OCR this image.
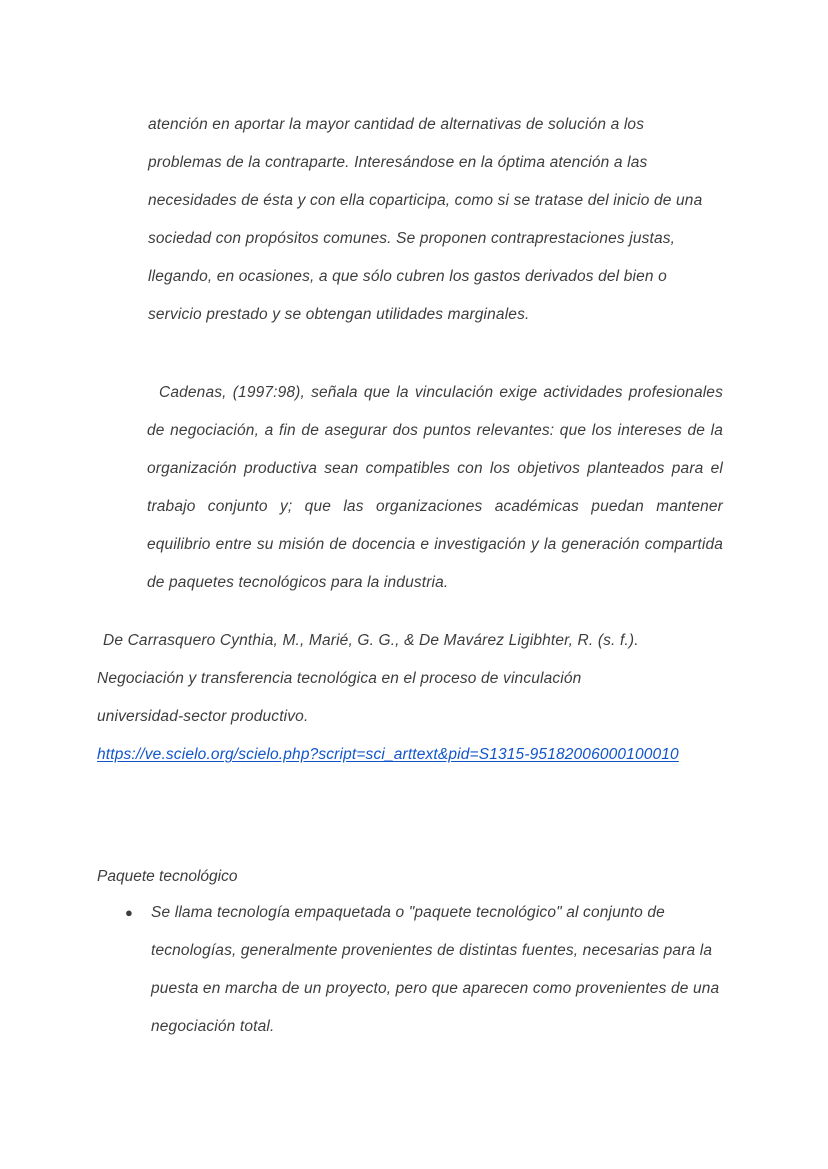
atención en aportar la mayor cantidad de alternativas de solución a los problemas de la contraparte. Interesándose en la óptima atención a las necesidades de ésta y con ella coparticipa, como si se tratase del inicio de una sociedad con propósitos comunes. Se proponen contraprestaciones justas, llegando, en ocasiones, a que sólo cubren los gastos derivados del bien o servicio prestado y se obtengan utilidades marginales.

Cadenas, (1997:98), señala que la vinculación exige actividades profesionales de negociación, a fin de asegurar dos puntos relevantes: que los intereses de la organización productiva sean compatibles con los objetivos planteados para el trabajo conjunto y; que las organizaciones académicas puedan mantener equilibrio entre su misión de docencia e investigación y la generación compartida de paquetes tecnológicos para la industria.

De Carrasquero Cynthia, M., Marié, G. G., & De Mavárez Ligibhter, R. (s. f.).
Negociación y transferencia tecnológica en el proceso de vinculación
universidad-sector productivo.
https://ve.scielo.org/scielo.php?script=sci_arttext&pid=S1315-95182006000100010
Paquete tecnológico
●	Se llama tecnología empaquetada o "paquete tecnológico" al conjunto de tecnologías, generalmente provenientes de distintas fuentes, necesarias para la puesta en marcha de un proyecto, pero que aparecen como provenientes de una negociación total.
